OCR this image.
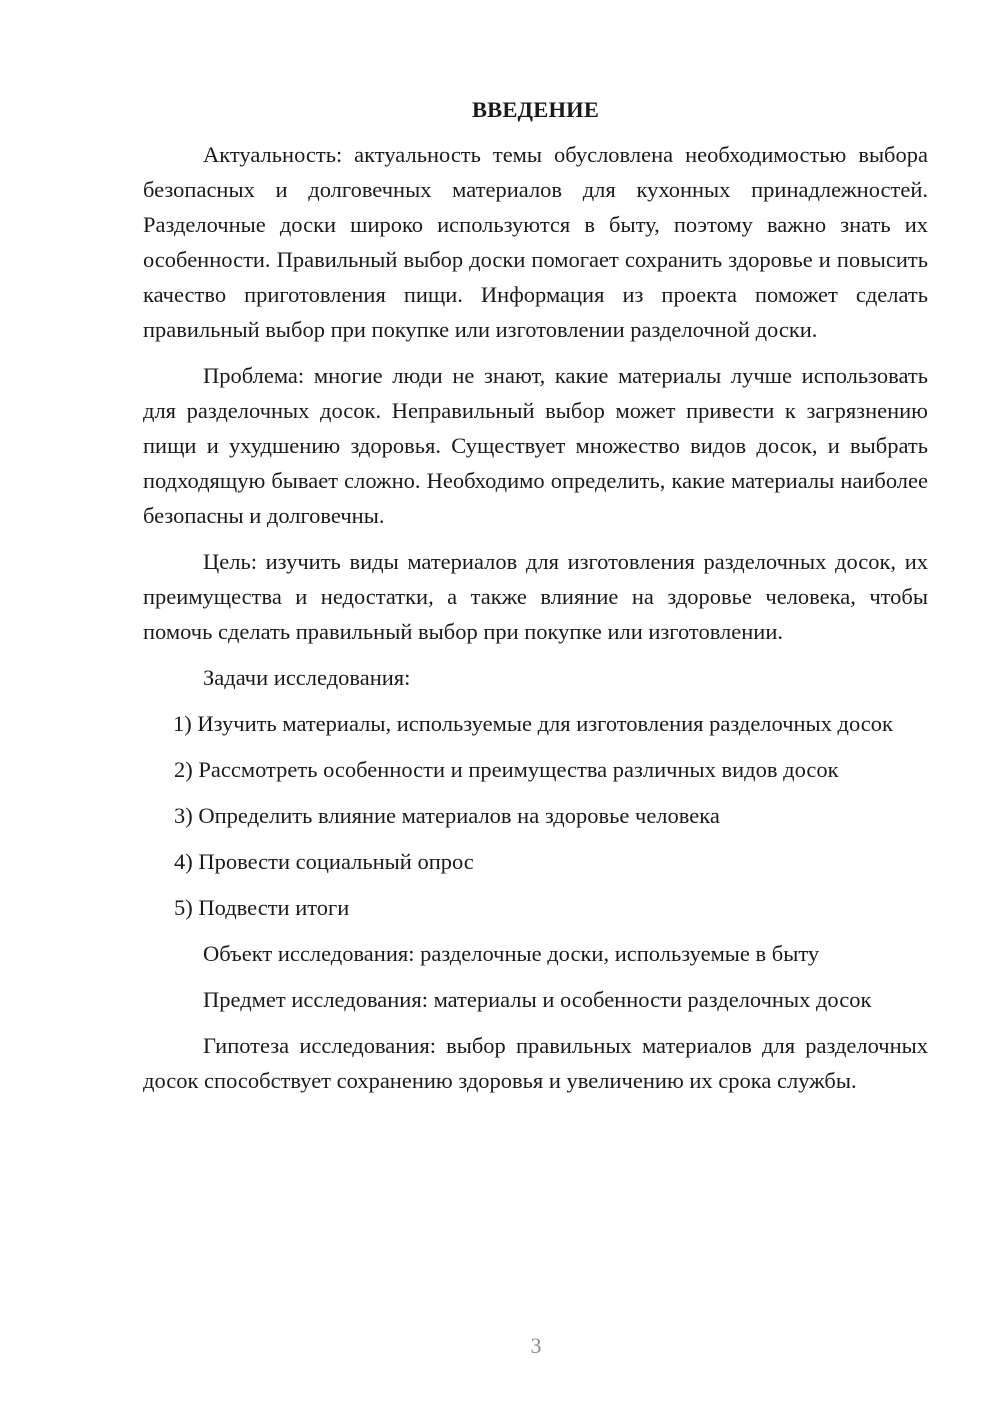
ВВЕДЕНИЕ

Актуальность: актуальность темы обусловлена необходимостью выбора безопасных и долговечных материалов для кухонных принадлежностей. Разделочные доски широко используются в быту, поэтому важно знать их особенности. Правильный выбор доски помогает сохранить здоровье и повысить качество приготовления пищи. Информация из проекта поможет сделать правильный выбор при покупке или изготовлении разделочной доски.

Проблема: многие люди не знают, какие материалы лучше использовать для разделочных досок. Неправильный выбор может привести к загрязнению пищи и ухудшению здоровья. Существует множество видов досок, и выбрать подходящую бывает сложно. Необходимо определить, какие материалы наиболее безопасны и долговечны.

Цель: изучить виды материалов для изготовления разделочных досок, их преимущества и недостатки, а также влияние на здоровье человека, чтобы помочь сделать правильный выбор при покупке или изготовлении.

Задачи исследования:

1) Изучить материалы, используемые для изготовления разделочных досок

2) Рассмотреть особенности и преимущества различных видов досок

3) Определить влияние материалов на здоровье человека

4) Провести социальный опрос

5) Подвести итоги

Объект исследования: разделочные доски, используемые в быту

Предмет исследования: материалы и особенности разделочных досок

Гипотеза исследования: выбор правильных материалов для разделочных досок способствует сохранению здоровья и увеличению их срока службы.

3
